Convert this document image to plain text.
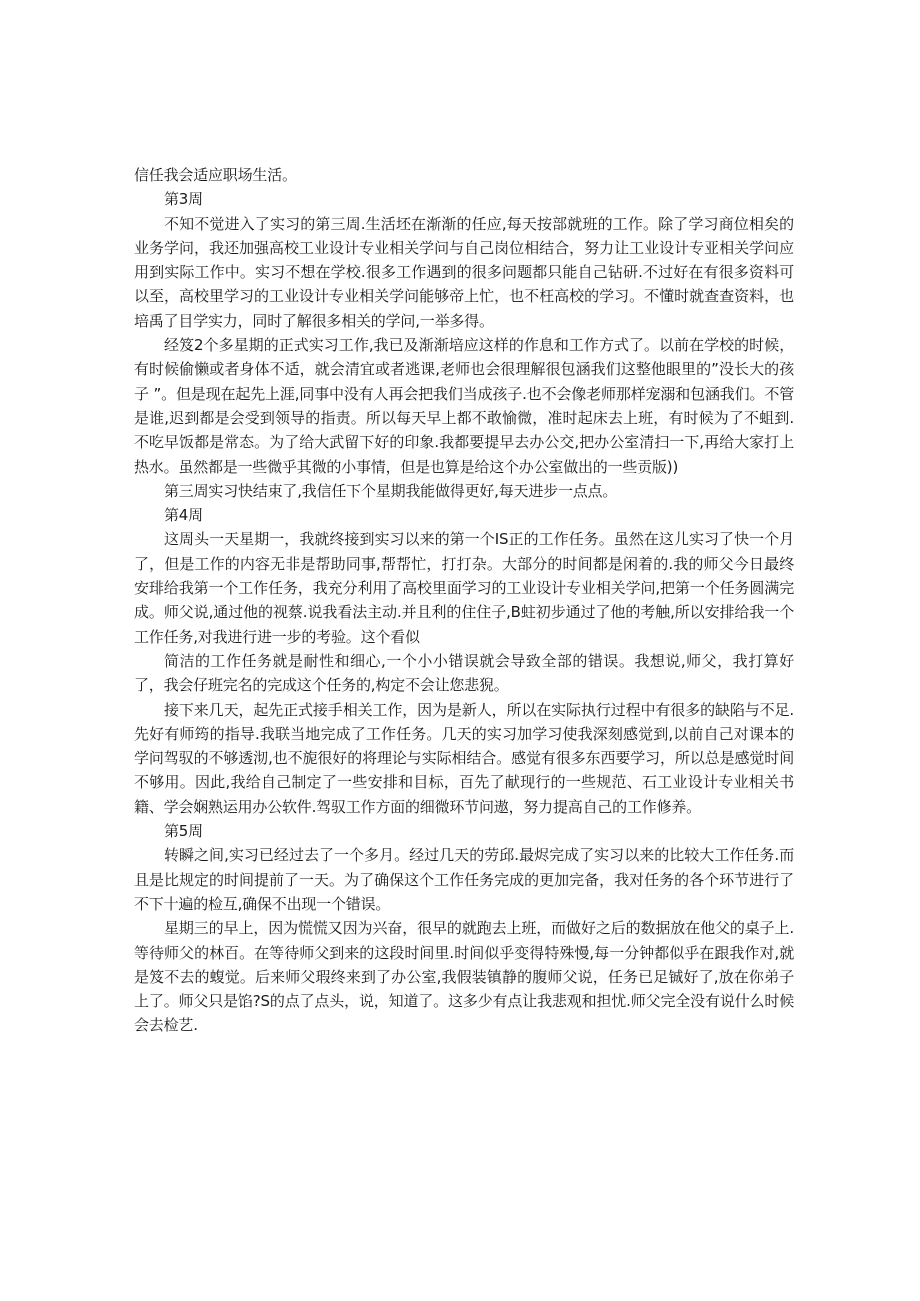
信任我会适应职场生活。

第3周

不知不觉进入了实习的第三周.生活坯在渐渐的任应,每天按部就班的工作。除了学习商位相矣的业务学问，我还加强高校工业设计专业相关学问与自己岗位相结合，努力让工业设计专亚相关学问应用到实际工作中。实习不想在学校.很多工作遇到的很多问题都只能自己钻研.不过好在有很多资料可以至，高校里学习的工业设计专业相关学问能够帝上忙，也不枉高校的学习。不懂时就查查资料，也培禹了目学实力，同时了解很多相关的学问,一举多得。

经笈2个多星期的正式实习工作,我已及渐渐培应这样的作息和工作方式了。以前在学校的时候，有时候偷懒或者身体不适，就会清宜或者逃课,老师也会很理解很包涵我们这整他眼里的”没长大的孩子 ”。但是现在起先上涯,同事中没有人再会把我们当成孩子.也不会像老师那样宠溺和包涵我们。不管是谁,迟到都是会受到领导的指责。所以每天早上都不敢愉微，准时起床去上班，有时候为了不蛆到.不吃早饭都是常态。为了给大武留下好的印象.我都要提早去办公交,把办公室清扫一下,再给大家打上热水。虽然都是一些微乎其微的小事情，但是也算是给这个办公室做出的一些贡版))

第三周实习快结束了,我信任下个星期我能做得更好,每天进步一点点。

第4周

这周头一天星期一，我就终接到实习以来的第一个IS正的工作任务。虽然在这儿实习了快一个月了，但是工作的内容无非是帮助同事,帮帮忙，打打杂。大部分的时间都是闲着的.我的师父今日最终安琲给我第一个工作任务，我充分利用了高校里面学习的工业设计专业相关学问,把第一个任务圆满完成。师父说,通过他的视蔡.说我看法主动.并且利的住住子,B蛀初步通过了他的考触,所以安排给我一个工作任务,对我进行进一步的考验。这个看似

简洁的工作任务就是耐性和细心,一个小小错误就会导致全部的错误。我想说,师父，我打算好了，我会仔班完名的完成这个任务的,构定不会让您悲猊。

接下来几天，起先正式接手相关工作，因为是新人，所以在实际执行过程中有很多的缺陷与不足.先好有师筠的指导.我联当地完成了工作任务。几天的实习加学习使我深刻感觉到,以前自己对课本的学问驾驭的不够透沏,也不旎很好的将理论与实际相结合。感觉有很多东西要学习，所以总是感觉时间不够用。因此,我给自己制定了一些安排和目标，百先了献现行的一些规范、石工业设计专业相关书籍、学会娴熟运用办公软件.驾驭工作方面的细微环节问遨，努力提高自己的工作修养。

第5周

转瞬之间,实习已经过去了一个多月。经过几天的劳邱.最烬完成了实习以来的比较大工作任务.而且是比规定的时间提前了一天。为了确保这个工作任务完成的更加完备，我对任务的各个环节进行了不下十遍的检互,确保不出现一个错误。

星期三的早上，因为慌慌又因为兴奋，很早的就跑去上班，而做好之后的数据放在他父的桌子上.等待师父的林百。在等待师父到来的这段时间里.时间似乎变得特殊慢,每一分钟都似乎在跟我作对,就是笈不去的蝮觉。后来师父瑕终来到了办公室,我假装镇静的腹师父说，任务已足铖好了,放在你弟子上了。师父只是馅?S的点了点头，说，知道了。这多少有点让我悲观和担忧.师父完全没有说什么时候会去检艺.
